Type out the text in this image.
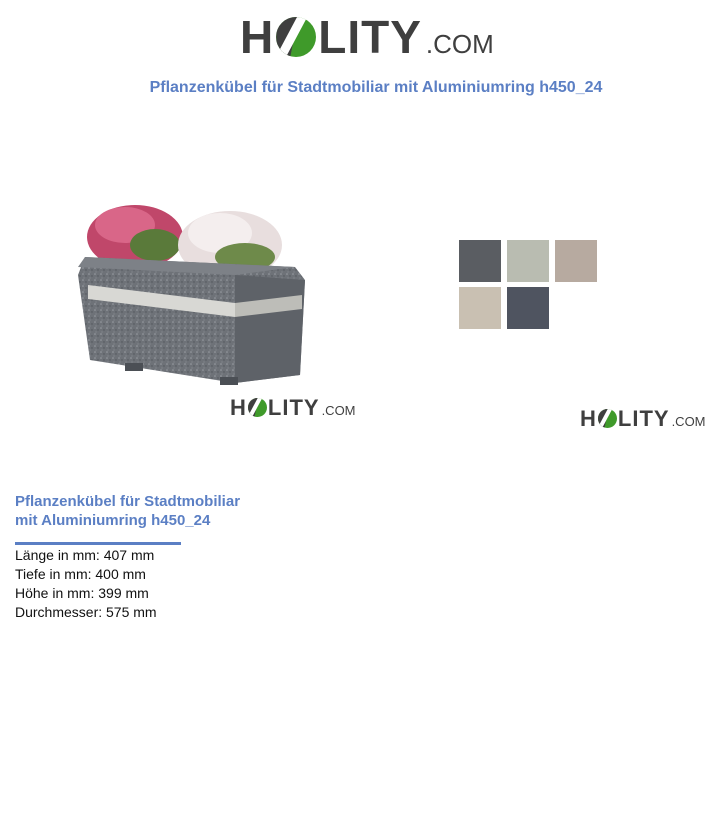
H LITY .COM
Pflanzenkübel für Stadtmobiliar mit Aluminiumring h450_24
H LITY .COM	H LITY .COM
Pflanzenkübel für Stadtmobiliar
mit Aluminiumring h450_24
Länge in mm: 407 mm
Tiefe in mm: 400 mm
Höhe in mm: 399 mm
Durchmesser: 575 mm
